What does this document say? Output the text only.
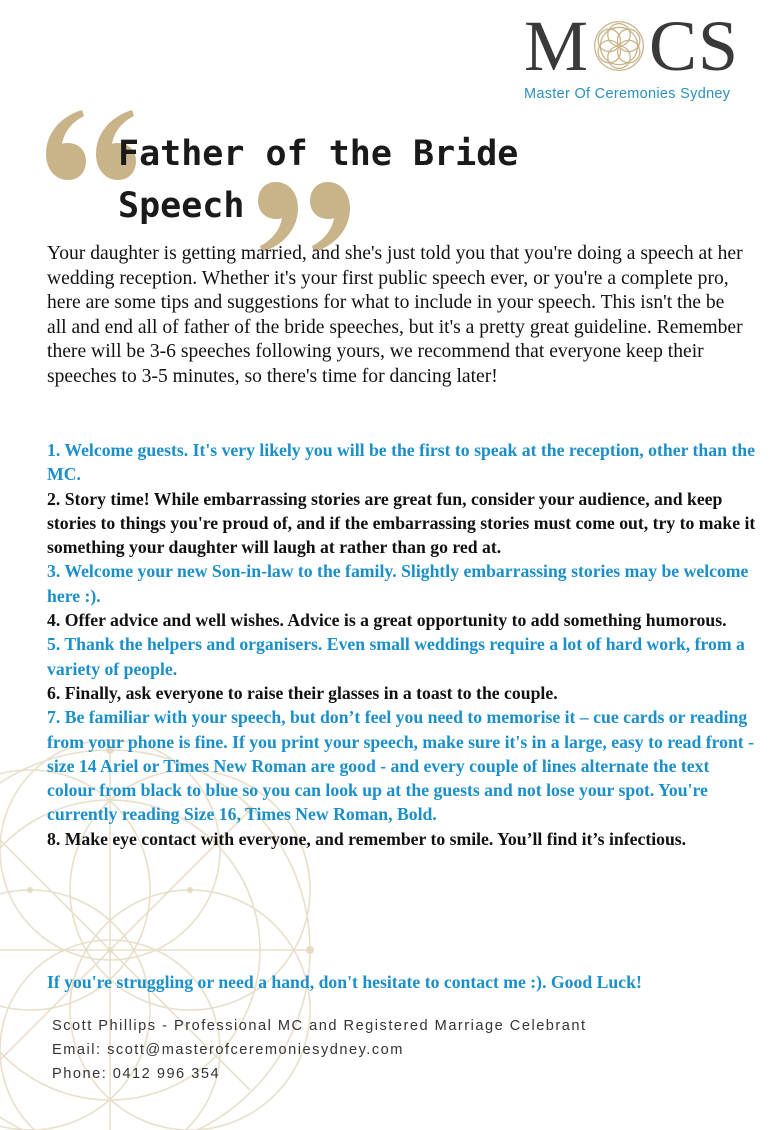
M CS
Master Of Ceremonies Sydney
Father of the Bride
Speech

Your daughter is getting married, and she's just told you that you're doing a speech at her wedding reception. Whether it's your first public speech ever, or you're a complete pro, here are some tips and suggestions for what to include in your speech. This isn't the be all and end all of father of the bride speeches, but it's a pretty great guideline. Remember there will be 3-6 speeches following yours, we recommend that everyone keep their speeches to 3-5 minutes, so there's time for dancing later!

1. Welcome guests. It's very likely you will be the first to speak at the reception, other than the MC.
2. Story time! While embarrassing stories are great fun, consider your audience, and keep stories to things you're proud of, and if the embarrassing stories must come out, try to make it something your daughter will laugh at rather than go red at.
3. Welcome your new Son-in-law to the family. Slightly embarrassing stories may be welcome here :).
4. Offer advice and well wishes. Advice is a great opportunity to add something humorous.
5. Thank the helpers and organisers. Even small weddings require a lot of hard work, from a variety of people.
6. Finally, ask everyone to raise their glasses in a toast to the couple.
7. Be familiar with your speech, but don’t feel you need to memorise it – cue cards or reading from your phone is fine. If you print your speech, make sure it's in a large, easy to read front - size 14 Ariel or Times New Roman are good - and every couple of lines alternate the text colour from black to blue so you can look up at the guests and not lose your spot. You're currently reading Size 16, Times New Roman, Bold.
8. Make eye contact with everyone, and remember to smile. You’ll find it’s infectious.
If you're struggling or need a hand, don't hesitate to contact me :). Good Luck!
Scott Phillips - Professional MC and Registered Marriage Celebrant
Email: scott@masterofceremoniesydney.com
Phone: 0412 996 354
